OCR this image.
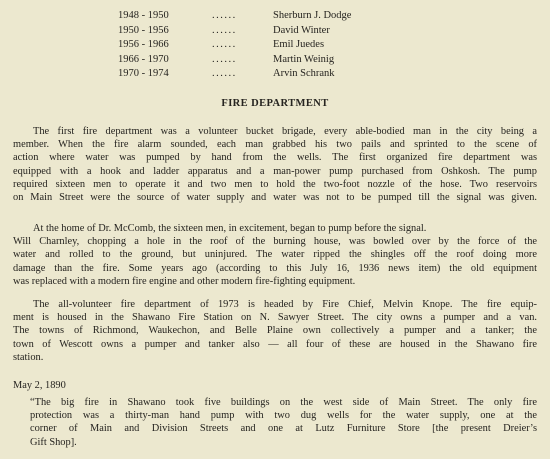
1948 - 1950	......	Sherburn J. Dodge
1950 - 1956	......	David Winter
1956 - 1966	......	Emil Juedes
1966 - 1970	......	Martin Weinig
1970 - 1974	......	Arvin Schrank
FIRE DEPARTMENT

The first fire department was a volunteer bucket brigade, every able-bodied man in the city being a
member. When the fire alarm sounded, each man grabbed his two pails and sprinted to the scene of
action where water was pumped by hand from the wells. The first organized fire department was
equipped with a hook and ladder apparatus and a man-power pump purchased from Oshkosh. The pump
required sixteen men to operate it and two men to hold the two-foot nozzle of the hose. Two reservoirs
on Main Street were the source of water supply and water was not to be pumped till the signal was given.

At the home of Dr. McComb, the sixteen men, in excitement, began to pump before the signal.
Will Charnley, chopping a hole in the roof of the burning house, was bowled over by the force of the
water and rolled to the ground, but uninjured. The water ripped the shingles off the roof doing more
damage than the fire. Some years ago (according to this July 16, 1936 news item) the old equipment
was replaced with a modern fire engine and other modern fire-fighting equipment.

The all-volunteer fire department of 1973 is headed by Fire Chief, Melvin Knope. The fire equip-
ment is housed in the Shawano Fire Station on N. Sawyer Street. The city owns a pumper and a van.
The towns of Richmond, Waukechon, and Belle Plaine own collectively a pumper and a tanker; the
town of Wescott owns a pumper and tanker also — all four of these are housed in the Shawano fire
station.

May 2, 1890

“The big fire in Shawano took five buildings on the west side of Main Street. The only fire
protection was a thirty-man hand pump with two dug wells for the water supply, one at the
corner of Main and Division Streets and one at Lutz Furniture Store [the present Dreier’s
Gift Shop].
